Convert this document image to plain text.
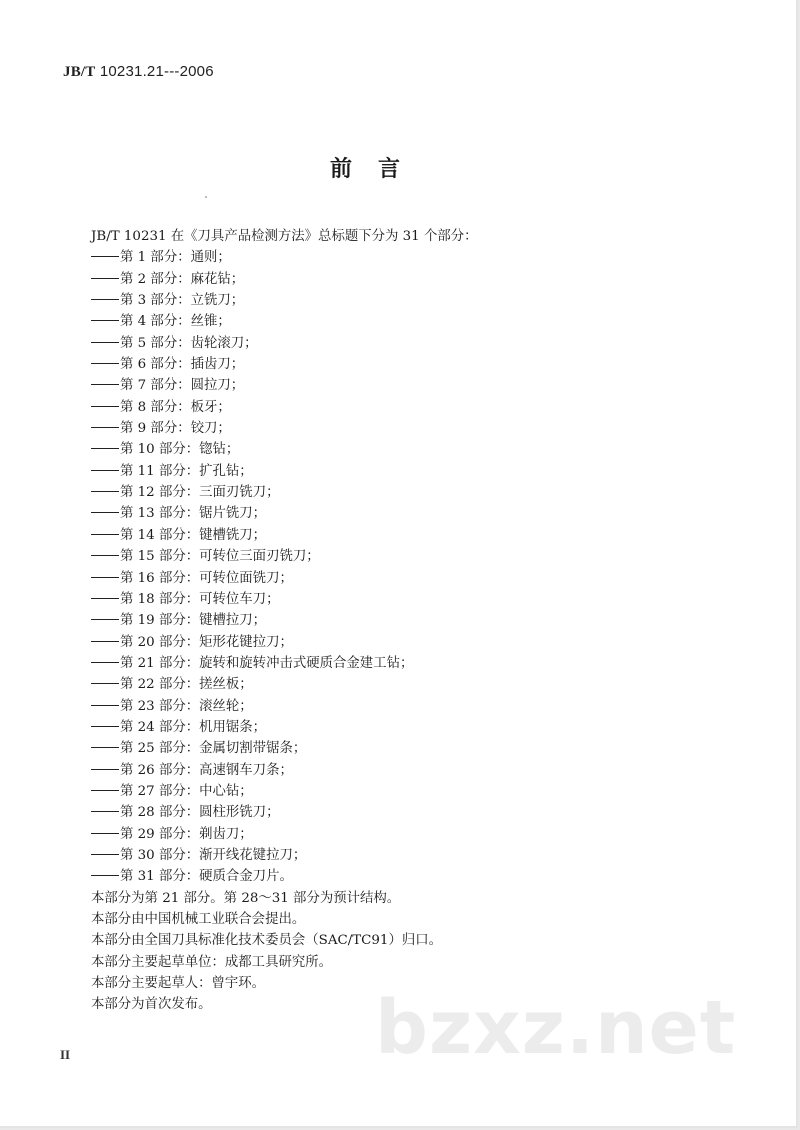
JB/T 10231.21---2006
前言
JB/T 10231 在《刀具产品检测方法》总标题下分为 31 个部分：
第 1 部分：通则；
第 2 部分：麻花钻；
第 3 部分：立铣刀；
第 4 部分：丝锥；
第 5 部分：齿轮滚刀；
第 6 部分：插齿刀；
第 7 部分：圆拉刀；
第 8 部分：板牙；
第 9 部分：铰刀；
第 10 部分：锪钻；
第 11 部分：扩孔钻；
第 12 部分：三面刃铣刀；
第 13 部分：锯片铣刀；
第 14 部分：键槽铣刀；
第 15 部分：可转位三面刃铣刀；
第 16 部分：可转位面铣刀；
第 18 部分：可转位车刀；
第 19 部分：键槽拉刀；
第 20 部分：矩形花键拉刀；
第 21 部分：旋转和旋转冲击式硬质合金建工钻；
第 22 部分：搓丝板；
第 23 部分：滚丝轮；
第 24 部分：机用锯条；
第 25 部分：金属切割带锯条；
第 26 部分：高速钢车刀条；
第 27 部分：中心钻；
第 28 部分：圆柱形铣刀；
第 29 部分：剃齿刀；
第 30 部分：渐开线花键拉刀；
第 31 部分：硬质合金刀片。
本部分为第 21 部分。第 28～31 部分为预计结构。
本部分由中国机械工业联合会提出。
本部分由全国刀具标准化技术委员会（SAC/TC91）归口。
本部分主要起草单位：成都工具研究所。
本部分主要起草人：曾宇环。
本部分为首次发布。	bzxz.net
II
